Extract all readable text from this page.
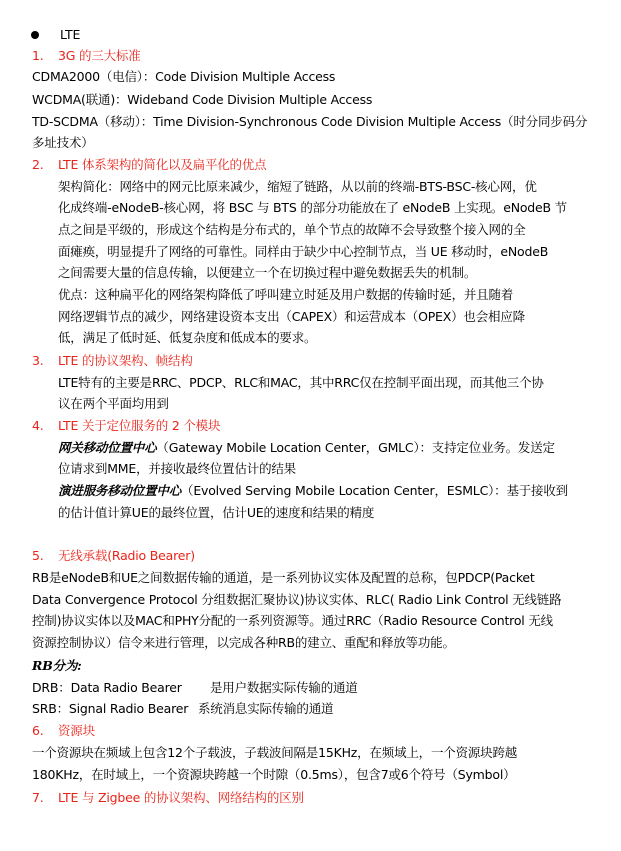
LTE
1. 3G 的三大标准
CDMA2000（电信）：Code Division Multiple Access
WCDMA(联通)：Wideband Code Division Multiple Access
TD-SCDMA（移动）：Time Division-Synchronous Code Division Multiple Access（时分同步码分
多址技术）
2. LTE 体系架构的简化以及扁平化的优点
架构简化：网络中的网元比原来减少，缩短了链路，从以前的终端-BTS-BSC-核心网，优
化成终端-eNodeB-核心网，将 BSC 与 BTS 的部分功能放在了 eNodeB 上实现。eNodeB 节
点之间是平级的，形成这个结构是分布式的，单个节点的故障不会导致整个接入网的全
面瘫痪，明显提升了网络的可靠性。同样由于缺少中心控制节点，当 UE 移动时，eNodeB
之间需要大量的信息传输，以便建立一个在切换过程中避免数据丢失的机制。
优点：这种扁平化的网络架构降低了呼叫建立时延及用户数据的传输时延，并且随着
网络逻辑节点的减少，网络建设资本支出（CAPEX）和运营成本（OPEX）也会相应降
低，满足了低时延、低复杂度和低成本的要求。
3. LTE 的协议架构、帧结构
LTE特有的主要是RRC、PDCP、RLC和MAC，其中RRC仅在控制平面出现，而其他三个协
议在两个平面均用到
4. LTE 关于定位服务的 2 个模块
网关移动位置中心（Gateway Mobile Location Center，GMLC）：支持定位业务。发送定
位请求到MME，并接收最终位置估计的结果
演进服务移动位置中心（Evolved Serving Mobile Location Center，ESMLC）：基于接收到
的估计值计算UE的最终位置，估计UE的速度和结果的精度
5. 无线承载(Radio Bearer)
RB是eNodeB和UE之间数据传输的通道，是一系列协议实体及配置的总称，包PDCP(Packet
Data Convergence Protocol 分组数据汇聚协议)协议实体、RLC( Radio Link Control 无线链路
控制)协议实体以及MAC和PHY分配的一系列资源等。通过RRC（Radio Resource Control 无线
资源控制协议）信令来进行管理，以完成各种RB的建立、重配和释放等功能。
RB分为:
DRB：Data Radio Bearer 是用户数据实际传输的通道
SRB：Signal Radio Bearer 系统消息实际传输的通道
6. 资源块
一个资源块在频域上包含12个子载波，子载波间隔是15KHz，在频域上，一个资源块跨越
180KHz，在时域上，一个资源块跨越一个时隙（0.5ms），包含7或6个符号（Symbol）
7. LTE 与 Zigbee 的协议架构、网络结构的区别
